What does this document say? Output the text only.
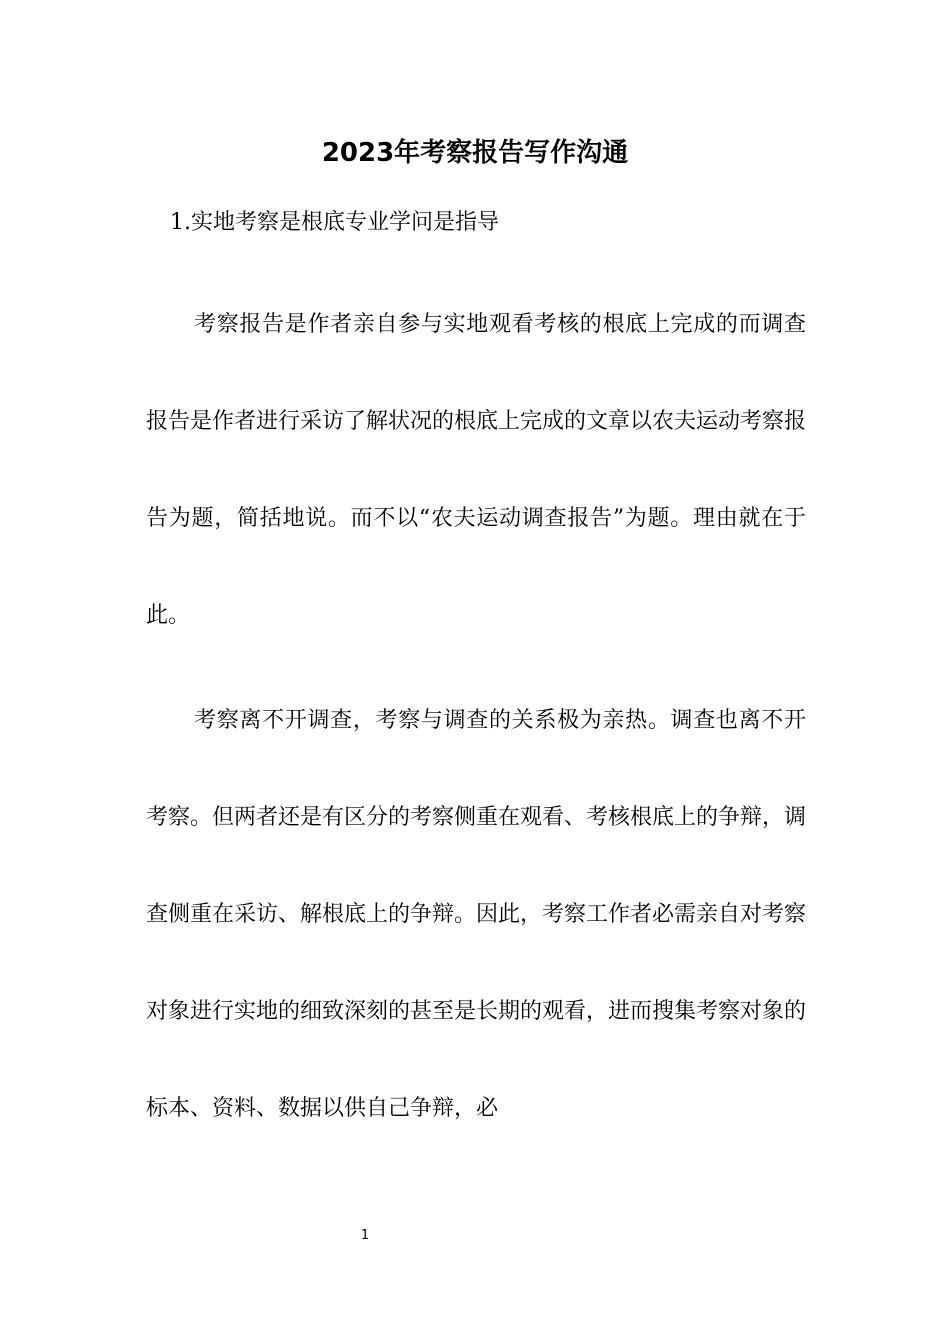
2023年考察报告写作沟通

1.实地考察是根底专业学问是指导

考察报告是作者亲自参与实地观看考核的根底上完成的而调查报告是作者进行采访了解状况的根底上完成的文章以农夫运动考察报告为题，简括地说。而不以“农夫运动调查报告”为题。理由就在于此。

考察离不开调查，考察与调查的关系极为亲热。调查也离不开考察。但两者还是有区分的考察侧重在观看、考核根底上的争辩，调查侧重在采访、解根底上的争辩。因此，考察工作者必需亲自对考察对象进行实地的细致深刻的甚至是长期的观看，进而搜集考察对象的标本、资料、数据以供自己争辩，必

1
